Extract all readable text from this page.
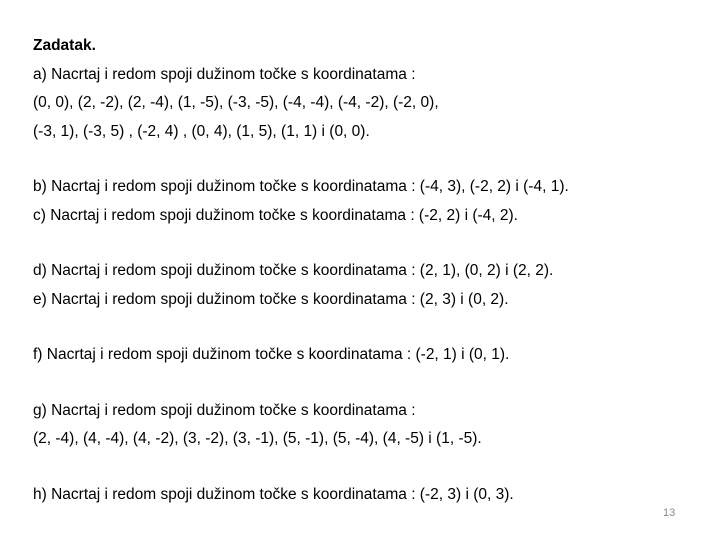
Zadatak.
a) Nacrtaj i redom spoji dužinom točke s koordinatama :
(0, 0), (2, -2), (2, -4), (1, -5), (-3, -5), (-4, -4), (-4, -2), (-2, 0),
(-3, 1), (-3, 5) , (-2, 4) , (0, 4), (1, 5), (1, 1) i (0, 0).
b) Nacrtaj i redom spoji dužinom točke s koordinatama : (-4, 3), (-2, 2) i (-4, 1).
c) Nacrtaj i redom spoji dužinom točke s koordinatama : (-2, 2) i (-4, 2).
d) Nacrtaj i redom spoji dužinom točke s koordinatama : (2, 1), (0, 2) i (2, 2).
e) Nacrtaj i redom spoji dužinom točke s koordinatama : (2, 3) i (0, 2).
f) Nacrtaj i redom spoji dužinom točke s koordinatama : (-2, 1) i (0, 1).
g) Nacrtaj i redom spoji dužinom točke s koordinatama :
(2, -4), (4, -4), (4, -2), (3, -2), (3, -1), (5, -1), (5, -4), (4, -5) i (1, -5).
h) Nacrtaj i redom spoji dužinom točke s koordinatama : (-2, 3) i (0, 3).
13
